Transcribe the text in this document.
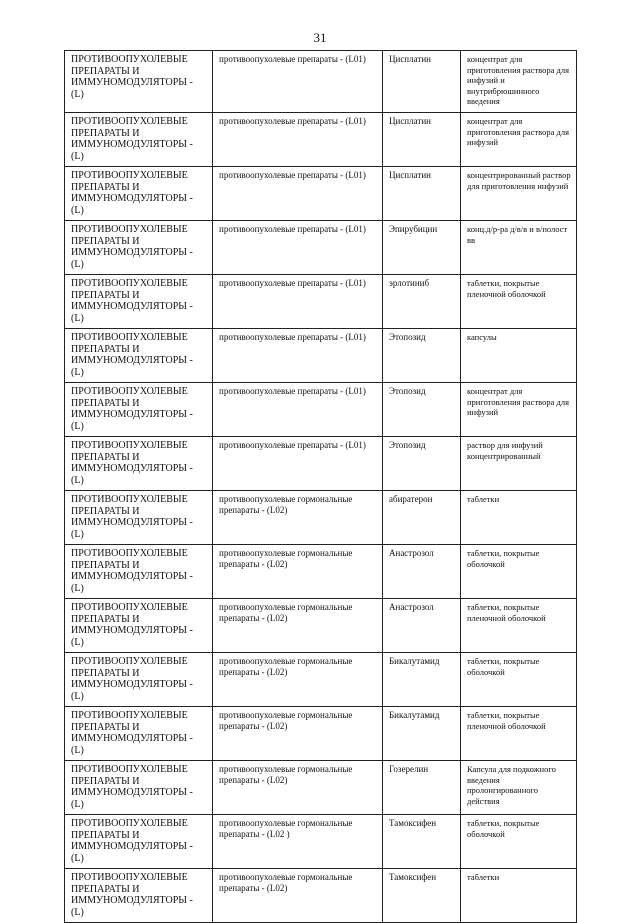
31
ПРОТИВООПУХОЛЕВЫЕ ПРЕПАРАТЫ И ИММУНОМОДУЛЯТОРЫ - (L)	противоопухолевые препараты - (L01)	Цисплатин	концентрат для приготовления раствора для инфузий и внутрибрюшинного введения
ПРОТИВООПУХОЛЕВЫЕ ПРЕПАРАТЫ И ИММУНОМОДУЛЯТОРЫ - (L)	противоопухолевые препараты - (L01)	Цисплатин	концентрат для приготовления раствора для инфузий
ПРОТИВООПУХОЛЕВЫЕ ПРЕПАРАТЫ И ИММУНОМОДУЛЯТОРЫ - (L)	противоопухолевые препараты - (L01)	Цисплатин	концентрированный раствор для приготовления инфузий
ПРОТИВООПУХОЛЕВЫЕ ПРЕПАРАТЫ И ИММУНОМОДУЛЯТОРЫ - (L)	противоопухолевые препараты - (L01)	Эпирубицин	конц.д/р-ра д/в/в и в/полост вв
ПРОТИВООПУХОЛЕВЫЕ ПРЕПАРАТЫ И ИММУНОМОДУЛЯТОРЫ - (L)	противоопухолевые препараты - (L01)	эрлотиниб	таблетки, покрытые пленочной оболочкой
ПРОТИВООПУХОЛЕВЫЕ ПРЕПАРАТЫ И ИММУНОМОДУЛЯТОРЫ - (L)	противоопухолевые препараты - (L01)	Этопозид	капсулы
ПРОТИВООПУХОЛЕВЫЕ ПРЕПАРАТЫ И ИММУНОМОДУЛЯТОРЫ - (L)	противоопухолевые препараты - (L01)	Этопозид	концентрат для приготовления раствора для инфузий
ПРОТИВООПУХОЛЕВЫЕ ПРЕПАРАТЫ И ИММУНОМОДУЛЯТОРЫ - (L)	противоопухолевые препараты - (L01)	Этопозид	раствор для инфузий концентрированный
ПРОТИВООПУХОЛЕВЫЕ ПРЕПАРАТЫ И ИММУНОМОДУЛЯТОРЫ - (L)	противоопухолевые гормональные препараты - (L02)	абиратерон	таблетки
ПРОТИВООПУХОЛЕВЫЕ ПРЕПАРАТЫ И ИММУНОМОДУЛЯТОРЫ - (L)	противоопухолевые гормональные препараты - (L02)	Анастрозол	таблетки, покрытые оболочкой
ПРОТИВООПУХОЛЕВЫЕ ПРЕПАРАТЫ И ИММУНОМОДУЛЯТОРЫ - (L)	противоопухолевые гормональные препараты - (L02)	Анастрозол	таблетки, покрытые пленочной оболочкой
ПРОТИВООПУХОЛЕВЫЕ ПРЕПАРАТЫ И ИММУНОМОДУЛЯТОРЫ - (L)	противоопухолевые гормональные препараты - (L02)	Бикалутамид	таблетки, покрытые оболочкой
ПРОТИВООПУХОЛЕВЫЕ ПРЕПАРАТЫ И ИММУНОМОДУЛЯТОРЫ - (L)	противоопухолевые гормональные препараты - (L02)	Бикалутамид	таблетки, покрытые пленочной оболочкой
ПРОТИВООПУХОЛЕВЫЕ ПРЕПАРАТЫ И ИММУНОМОДУЛЯТОРЫ - (L)	противоопухолевые гормональные препараты - (L02)	Гозерелин	Капсула для подкожного введения пролонгированного действия
ПРОТИВООПУХОЛЕВЫЕ ПРЕПАРАТЫ И ИММУНОМОДУЛЯТОРЫ - (L)	противоопухолевые гормональные препараты - (L02 )	Тамоксифен	таблетки, покрытые оболочкой
ПРОТИВООПУХОЛЕВЫЕ ПРЕПАРАТЫ И ИММУНОМОДУЛЯТОРЫ - (L)	противоопухолевые гормональные препараты - (L02)	Тамоксифен	таблетки
